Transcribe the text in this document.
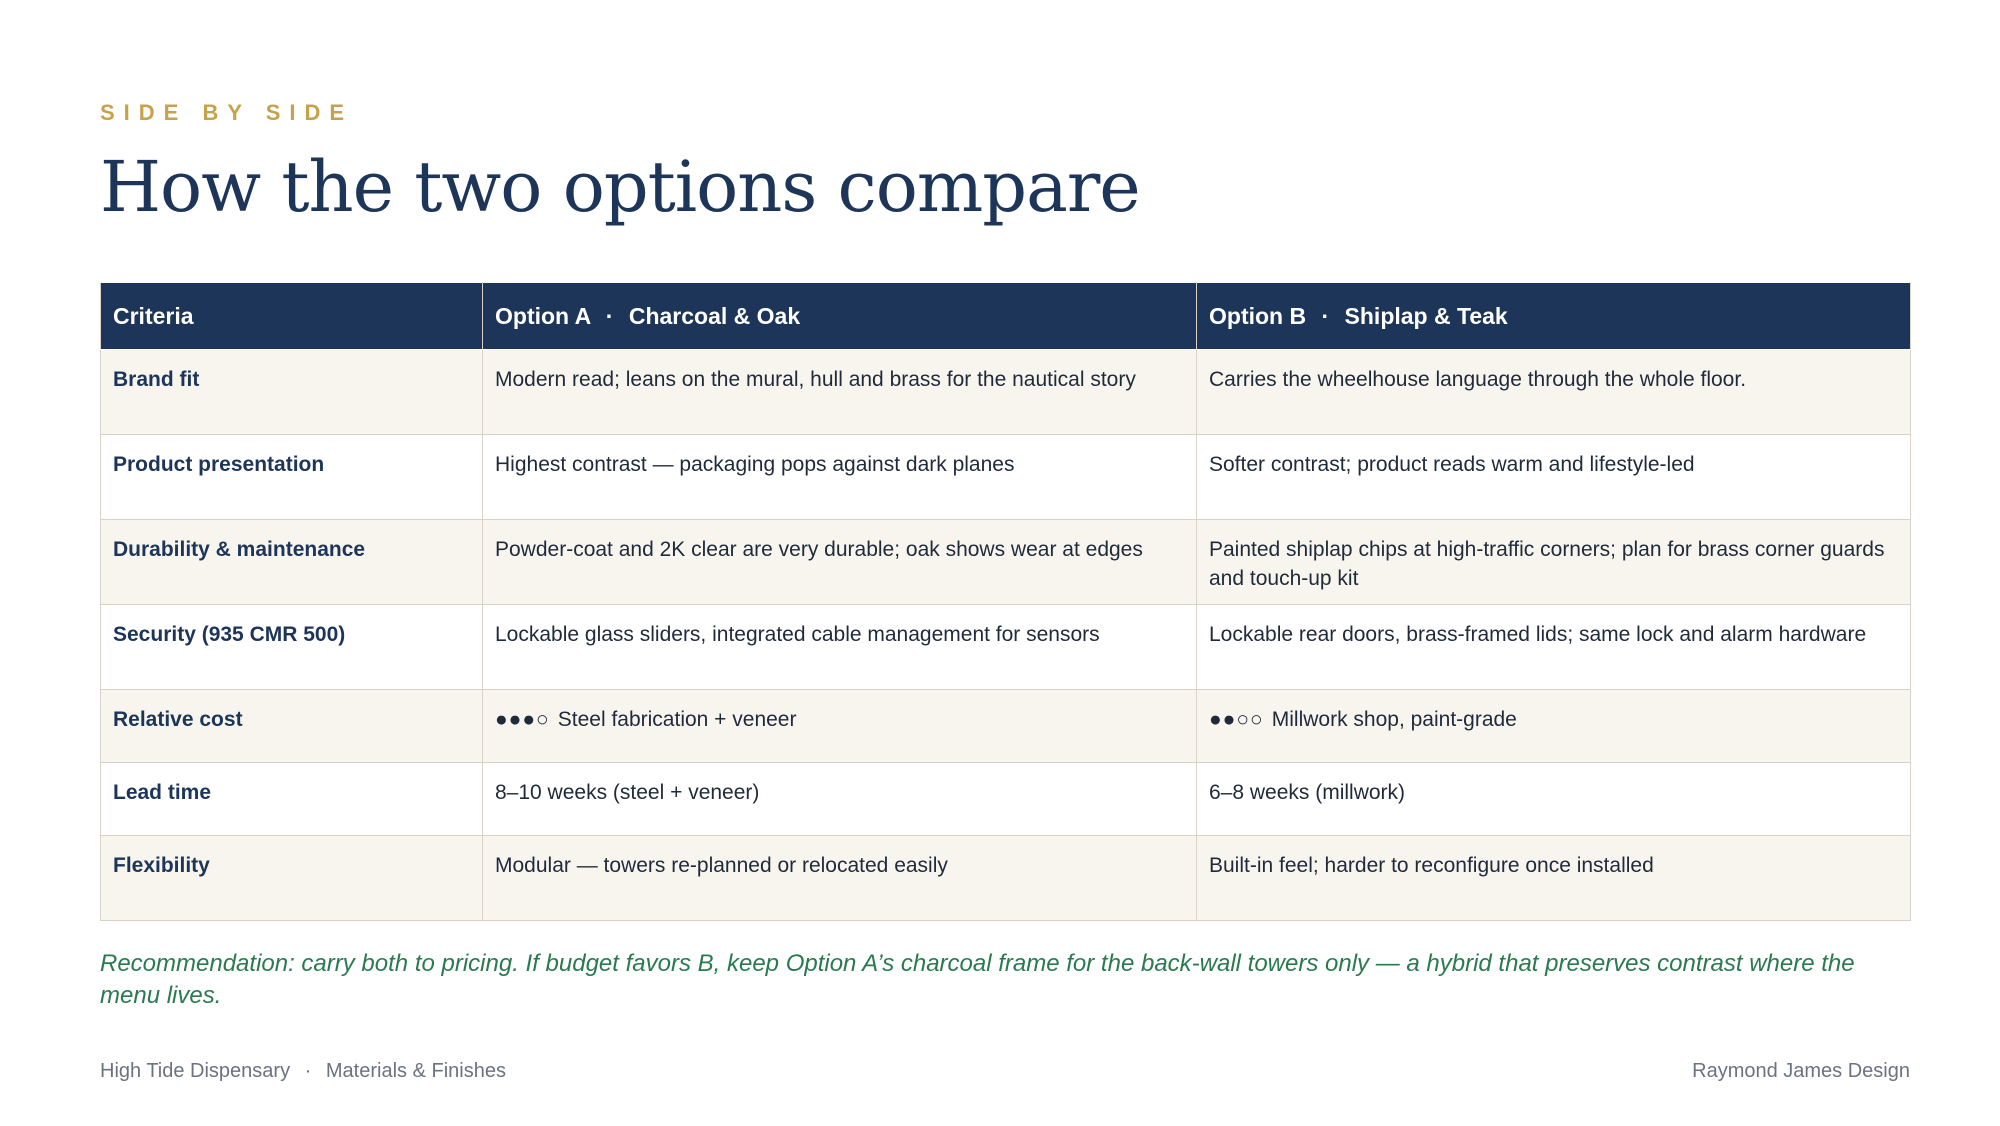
SIDE BY SIDE
How the two options compare
Criteria	Option A · Charcoal & Oak	Option B · Shiplap & Teak
Brand fit	Modern read; leans on the mural, hull and brass for the nautical story	Carries the wheelhouse language through the whole floor.
Product presentation	Highest contrast — packaging pops against dark planes	Softer contrast; product reads warm and lifestyle-led
Durability & maintenance	Powder-coat and 2K clear are very durable; oak shows wear at edges	Painted shiplap chips at high-traffic corners; plan for brass corner guards and touch-up kit
Security (935 CMR 500)	Lockable glass sliders, integrated cable management for sensors	Lockable rear doors, brass-framed lids; same lock and alarm hardware
Relative cost	●●●○ Steel fabrication + veneer	●●○○ Millwork shop, paint-grade
Lead time	8–10 weeks (steel + veneer)	6–8 weeks (millwork)
Flexibility	Modular — towers re-planned or relocated easily	Built-in feel; harder to reconfigure once installed
Recommendation: carry both to pricing. If budget favors B, keep Option A’s charcoal frame for the back-wall towers only — a hybrid that preserves contrast where the menu lives.
High Tide Dispensary · Materials & Finishes	Raymond James Design
